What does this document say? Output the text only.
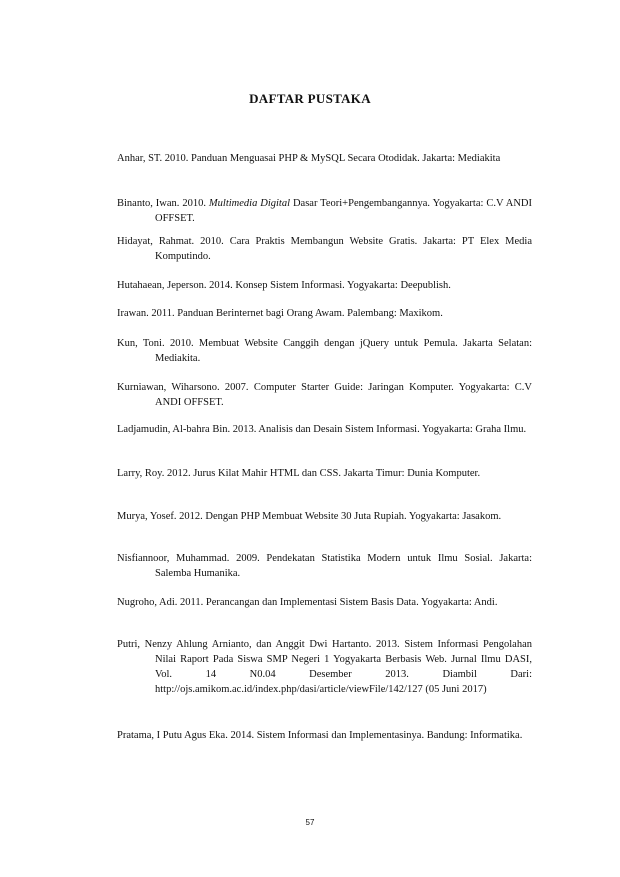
DAFTAR PUSTAKA
Anhar, ST. 2010. Panduan Menguasai PHP & MySQL Secara Otodidak. Jakarta: Mediakita
Binanto, Iwan. 2010. Multimedia Digital Dasar Teori+Pengembangannya. Yogyakarta: C.V ANDI OFFSET.
Hidayat, Rahmat. 2010. Cara Praktis Membangun Website Gratis. Jakarta: PT Elex Media Komputindo.
Hutahaean, Jeperson. 2014. Konsep Sistem Informasi. Yogyakarta: Deepublish.
Irawan. 2011. Panduan Berinternet bagi Orang Awam. Palembang: Maxikom.
Kun, Toni. 2010. Membuat Website Canggih dengan jQuery untuk Pemula. Jakarta Selatan: Mediakita.
Kurniawan, Wiharsono. 2007. Computer Starter Guide: Jaringan Komputer. Yogyakarta: C.V ANDI OFFSET.
Ladjamudin, Al-bahra Bin. 2013. Analisis dan Desain Sistem Informasi. Yogyakarta: Graha Ilmu.
Larry, Roy. 2012. Jurus Kilat Mahir HTML dan CSS. Jakarta Timur: Dunia Komputer.
Murya, Yosef. 2012. Dengan PHP Membuat Website 30 Juta Rupiah. Yogyakarta: Jasakom.
Nisfiannoor, Muhammad. 2009. Pendekatan Statistika Modern untuk Ilmu Sosial. Jakarta: Salemba Humanika.
Nugroho, Adi. 2011. Perancangan dan Implementasi Sistem Basis Data. Yogyakarta: Andi.
Putri, Nenzy Ahlung Arnianto, dan Anggit Dwi Hartanto. 2013. Sistem Informasi Pengolahan Nilai Raport Pada Siswa SMP Negeri 1 Yogyakarta Berbasis Web. Jurnal Ilmu DASI, Vol. 14 N0.04 Desember 2013. Diambil Dari: http://ojs.amikom.ac.id/index.php/dasi/article/viewFile/142/127 (05 Juni 2017)
Pratama, I Putu Agus Eka. 2014. Sistem Informasi dan Implementasinya. Bandung: Informatika.
57
